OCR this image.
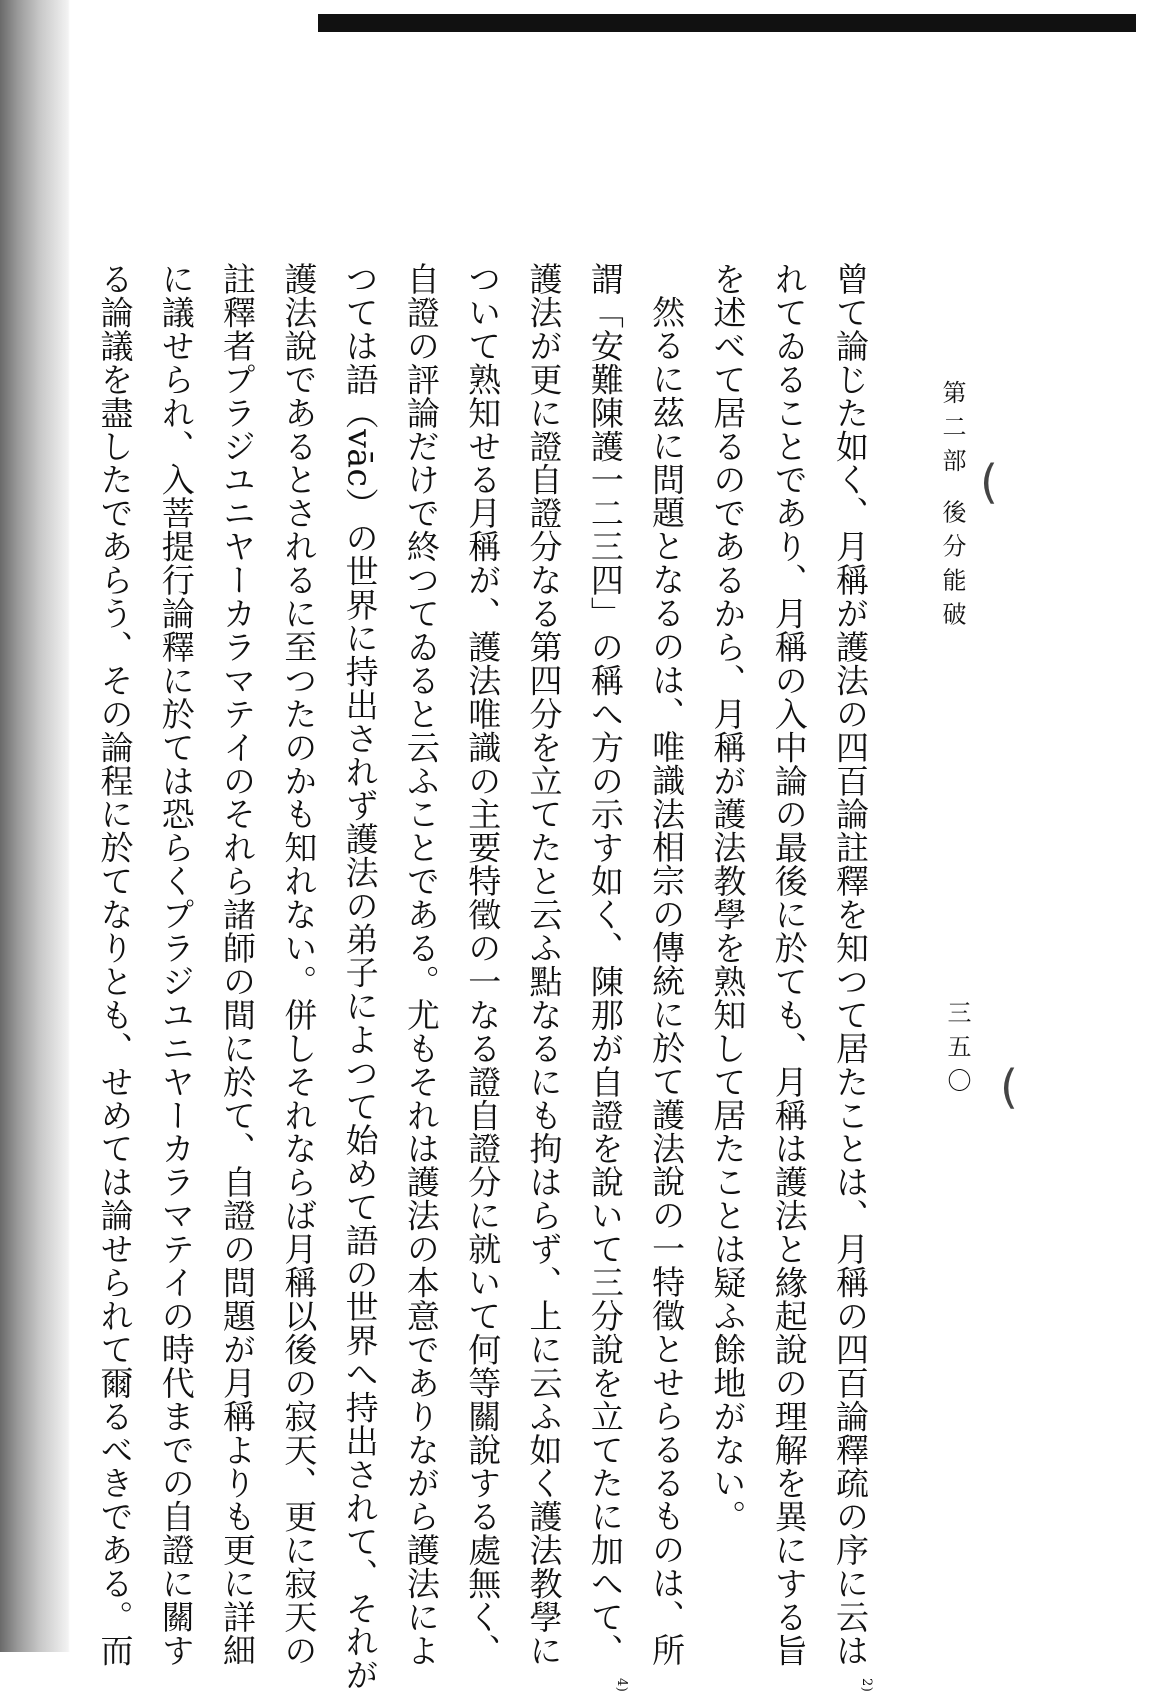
三五〇
第二部 後分能破 (
(
曾て論じた如く、月稱が護法の四百論註釋を知つて居たことは、月稱の四百論釋疏の序に云は 2)
れてゐることであり、月稱の入中論の最後に於ても、月稱は護法と緣起說の理解を異にする旨
を述べて居るのであるから、月稱が護法教學を熟知して居たことは疑ふ餘地がない。
然るに茲に問題となるのは、唯識法相宗の傳統に於て護法說の一特徵とせらるるものは、所
謂「安難陳護一二三四」の稱へ方の示す如く、陳那が自證を說いて三分說を立てたに加へて、 4)
護法が更に證自證分なる第四分を立てたと云ふ點なるにも拘はらず、上に云ふ如く護法教學に
ついて熟知せる月稱が、護法唯識の主要特徵の一なる證自證分に就いて何等關說する處無く、
自證の評論だけで終つてゐると云ふことである。尤もそれは護法の本意でありながら護法によ
つては語（vāc）の世界に持出されず護法の弟子によつて始めて語の世界へ持出されて、それが
護法說であるとされるに至つたのかも知れない。併しそれならば月稱以後の寂天、更に寂天の
註釋者プラジユニヤーカラマテイのそれら諸師の間に於て、自證の問題が月稱よりも更に詳細
に議せられ、入菩提行論釋に於ては恐らくプラジユニヤーカラマテイの時代までの自證に關す
る論議を盡したであらう、その論程に於てなりとも、せめては論せられて爾るべきである。而
